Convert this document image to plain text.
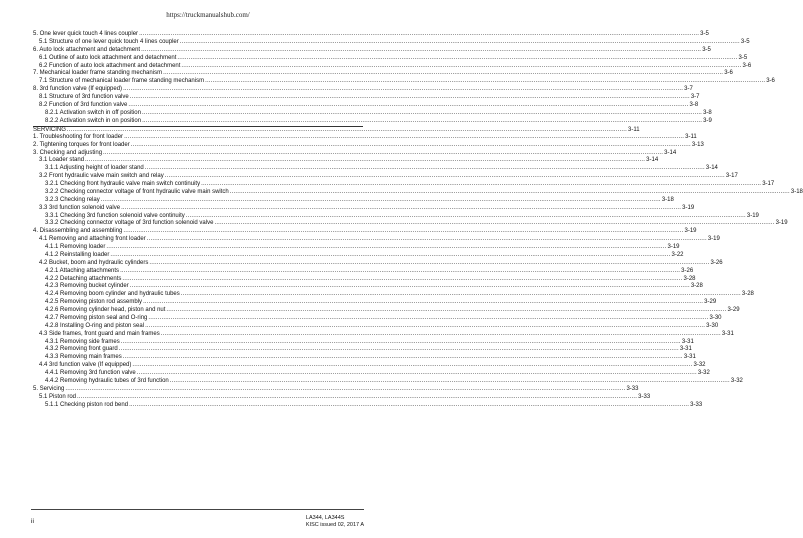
https://truckmanualshub.com/
5. One lever quick touch 4 lines coupler ............................................................................................................................................................................................................................................................................................................ 3-5
5.1 Structure of one lever quick touch 4 lines coupler ............................................................................................................................................................................................................................................................................................................ 3-5
6. Auto lock attachment and detachment ............................................................................................................................................................................................................................................................................................................ 3-5
6.1 Outline of auto lock attachment and detachment ............................................................................................................................................................................................................................................................................................................ 3-5
6.2 Function of auto lock attachment and detachment ............................................................................................................................................................................................................................................................................................................ 3-6
7. Mechanical loader frame standing mechanism ............................................................................................................................................................................................................................................................................................................ 3-6
7.1 Structure of mechanical loader frame standing mechanism ............................................................................................................................................................................................................................................................................................................ 3-6
8. 3rd function valve (If equipped) ............................................................................................................................................................................................................................................................................................................ 3-7
8.1 Structure of 3rd function valve ............................................................................................................................................................................................................................................................................................................ 3-7
8.2 Function of 3rd function valve ............................................................................................................................................................................................................................................................................................................ 3-8
8.2.1 Activation switch in off position ............................................................................................................................................................................................................................................................................................................ 3-8
8.2.2 Activation switch in on position ............................................................................................................................................................................................................................................................................................................ 3-9
SERVICING ............................................................................................................................................................................................................................................................................................................ 3-11
1. Troubleshooting for front loader ............................................................................................................................................................................................................................................................................................................ 3-11
2. Tightening torques for front loader ............................................................................................................................................................................................................................................................................................................ 3-13
3. Checking and adjusting ............................................................................................................................................................................................................................................................................................................ 3-14
3.1 Loader stand ............................................................................................................................................................................................................................................................................................................ 3-14
3.1.1 Adjusting height of loader stand ............................................................................................................................................................................................................................................................................................................ 3-14
3.2 Front hydraulic valve main switch and relay ............................................................................................................................................................................................................................................................................................................ 3-17
3.2.1 Checking front hydraulic valve main switch continuity ............................................................................................................................................................................................................................................................................................................ 3-17
3.2.2 Checking connector voltage of front hydraulic valve main switch ............................................................................................................................................................................................................................................................................................................ 3-18
3.2.3 Checking relay ............................................................................................................................................................................................................................................................................................................ 3-18
3.3 3rd function solenoid valve ............................................................................................................................................................................................................................................................................................................ 3-19
3.3.1 Checking 3rd function solenoid valve continuity ............................................................................................................................................................................................................................................................................................................ 3-19
3.3.2 Checking connector voltage of 3rd function solenoid valve ............................................................................................................................................................................................................................................................................................................ 3-19
4. Disassembling and assembling ............................................................................................................................................................................................................................................................................................................ 3-19
4.1 Removing and attaching front loader ............................................................................................................................................................................................................................................................................................................ 3-19
4.1.1 Removing loader ............................................................................................................................................................................................................................................................................................................ 3-19
4.1.2 Reinstalling loader ............................................................................................................................................................................................................................................................................................................ 3-22
4.2 Bucket, boom and hydraulic cylinders ............................................................................................................................................................................................................................................................................................................ 3-26
4.2.1 Attaching attachments ............................................................................................................................................................................................................................................................................................................ 3-26
4.2.2 Detaching attachments ............................................................................................................................................................................................................................................................................................................ 3-28
4.2.3 Removing bucket cylinder ............................................................................................................................................................................................................................................................................................................ 3-28
4.2.4 Removing boom cylinder and hydraulic tubes ............................................................................................................................................................................................................................................................................................................ 3-28
4.2.5 Removing piston rod assembly ............................................................................................................................................................................................................................................................................................................ 3-29
4.2.6 Removing cylinder head, piston and nut ............................................................................................................................................................................................................................................................................................................ 3-29
4.2.7 Removing piston seal and O-ring ............................................................................................................................................................................................................................................................................................................ 3-30
4.2.8 Installing O-ring and piston seal ............................................................................................................................................................................................................................................................................................................ 3-30
4.3 Side frames, front guard and main frames ............................................................................................................................................................................................................................................................................................................ 3-31
4.3.1 Removing side frames ............................................................................................................................................................................................................................................................................................................ 3-31
4.3.2 Removing front guard ............................................................................................................................................................................................................................................................................................................ 3-31
4.3.3 Removing main frames ............................................................................................................................................................................................................................................................................................................ 3-31
4.4 3rd function valve (If equipped) ............................................................................................................................................................................................................................................................................................................ 3-32
4.4.1 Removing 3rd function valve ............................................................................................................................................................................................................................................................................................................ 3-32
4.4.2 Removing hydraulic tubes of 3rd function ............................................................................................................................................................................................................................................................................................................ 3-32
5. Servicing ............................................................................................................................................................................................................................................................................................................ 3-33
5.1 Piston rod ............................................................................................................................................................................................................................................................................................................ 3-33
5.1.1 Checking piston rod bend ............................................................................................................................................................................................................................................................................................................ 3-33
ii	LA344, LA344S
KISC issued 02, 2017 A
